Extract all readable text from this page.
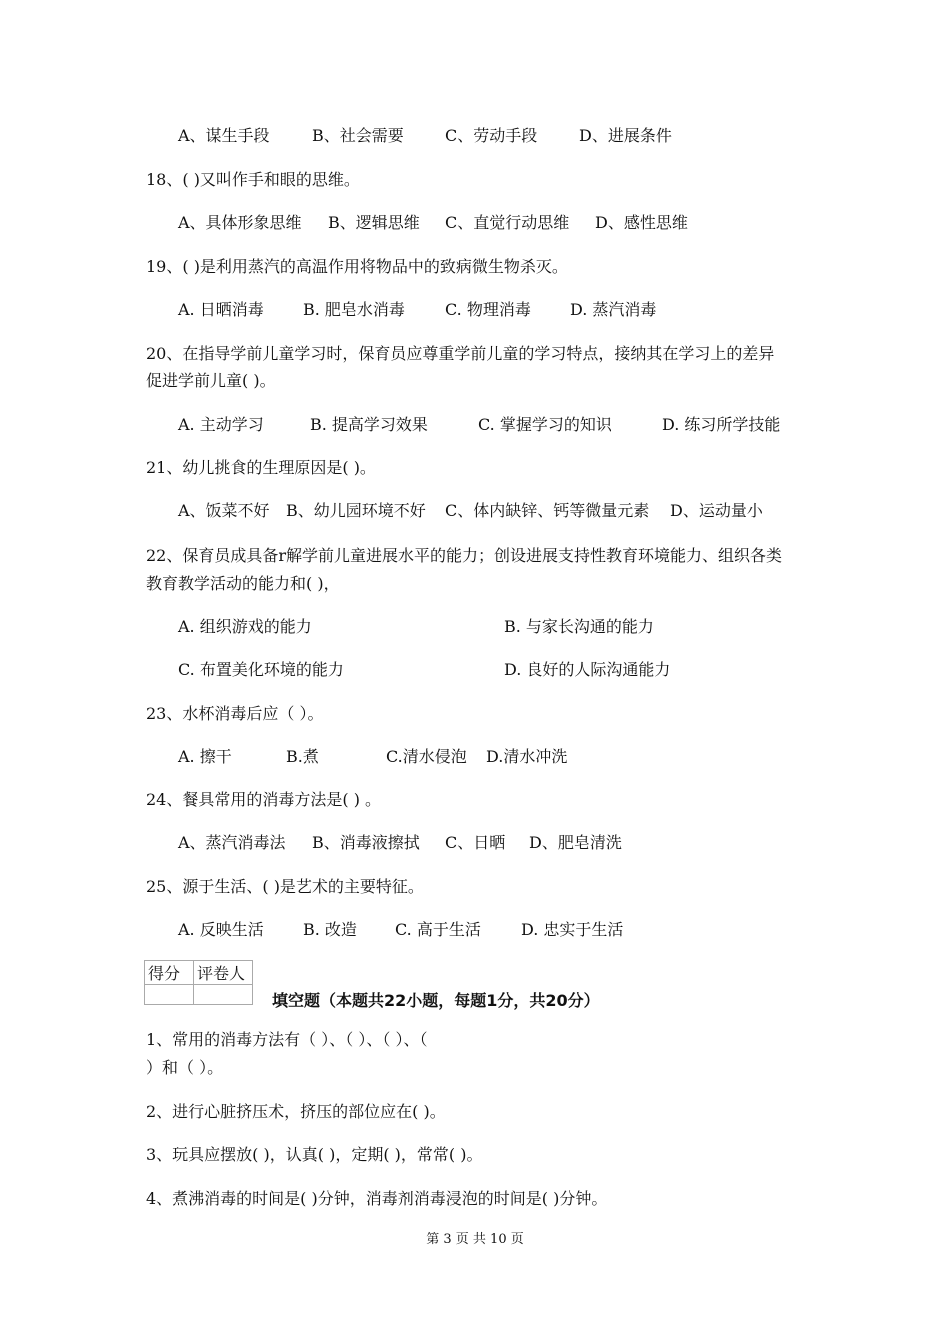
A、谋生手段	B、社会需要	C、劳动手段	D、进展条件
18、( )又叫作手和眼的思维。
A、具体形象思维 B、逻辑思维 C、直觉行动思维 D、感性思维
19、( )是利用蒸汽的高温作用将物品中的致病微生物杀灭。
A. 日晒消毒 B. 肥皂水消毒	C. 物理消毒 D. 蒸汽消毒
20、在指导学前儿童学习时，保育员应尊重学前儿童的学习特点，接纳其在学习上的差异
促进学前儿童( )。
A. 主动学习	B. 提高学习效果	C. 掌握学习的知识	D. 练习所学技能
21、幼儿挑食的生理原因是( )。
A、饭菜不好 B、幼儿园环境不好 C、体内缺锌、钙等微量元素 D、运动量小
22、保育员成具备r解学前儿童进展水平的能力；创设进展支持性教育环境能力、组织各类
教育教学活动的能力和( )，
A. 组织游戏的能力	B. 与家长沟通的能力
C. 布置美化环境的能力	D. 良好的人际沟通能力
23、水杯消毒后应（ ）。
A. 擦干	B.煮	C.清水侵泡 D.清水冲洗
24、餐具常用的消毒方法是( ) 。
A、蒸汽消毒法 B、消毒液擦拭 C、日晒 D、肥皂清洗
25、源于生活、( )是艺术的主要特征。
A. 反映生活 B. 改造 C. 高于生活	D. 忠实于生活
得分	评卷人

填空题（本题共22小题，每题1分，共20分）
1、常用的消毒方法有（ ）、（ ）、（ ）、（
）和（ ）。
2、进行心脏挤压术，挤压的部位应在( )。
3、玩具应摆放( )，认真( )，定期( )，常常( )。
4、煮沸消毒的时间是( )分钟，消毒剂消毒浸泡的时间是( )分钟。
第 3 页 共 10 页
